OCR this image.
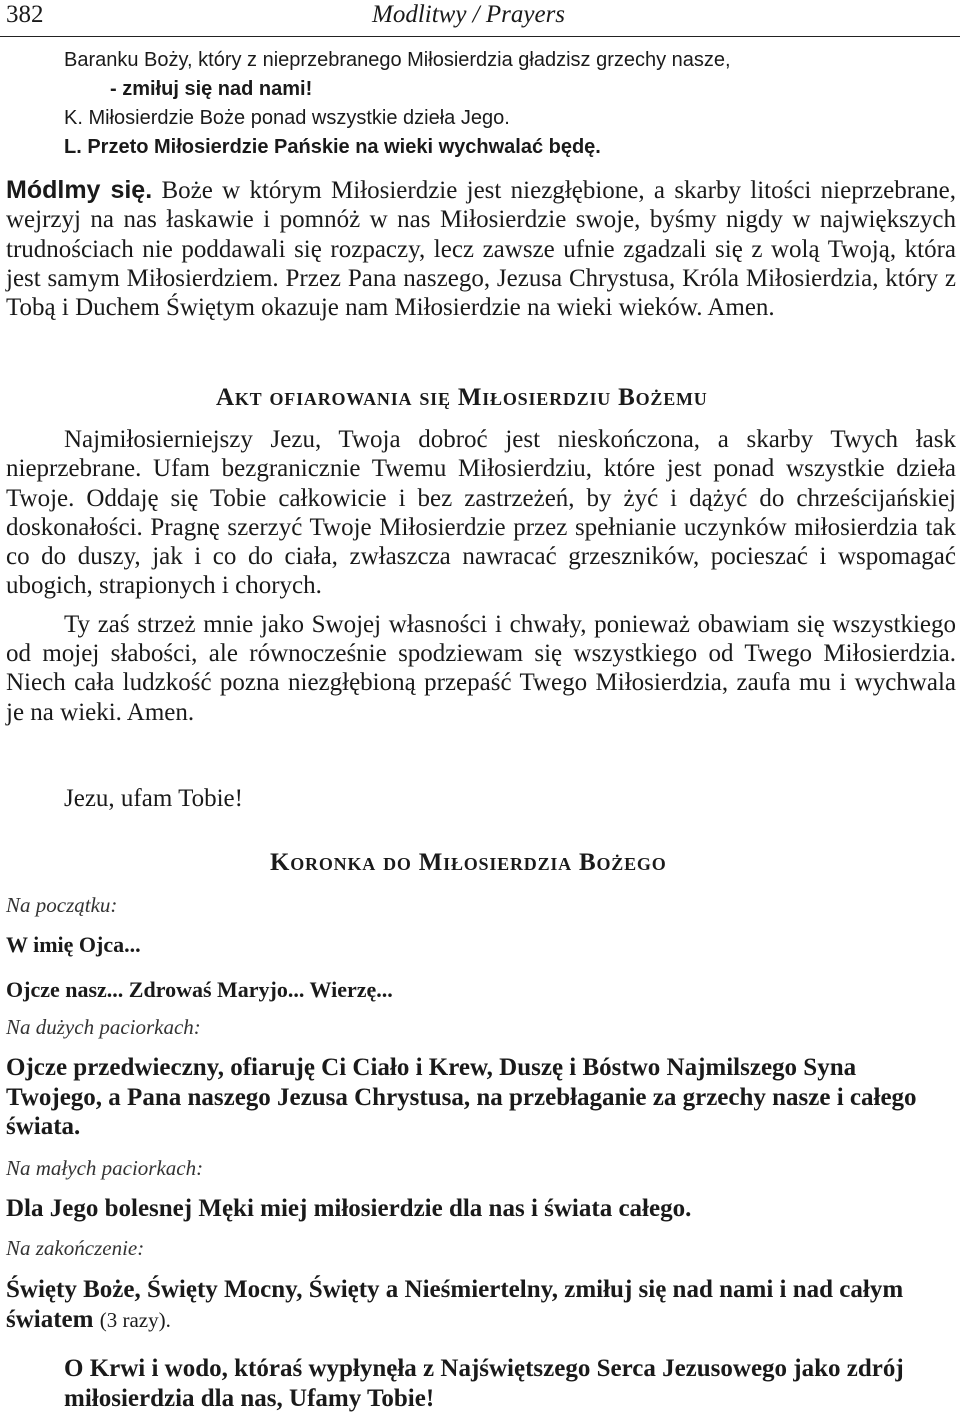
382	Modlitwy / Prayers

Baranku Boży, który z nieprzebranego Miłosierdzia gładzisz grzechy nasze,

- zmiłuj się nad nami!

K. Miłosierdzie Boże ponad wszystkie dzieła Jego.

L. Przeto Miłosierdzie Pańskie na wieki wychwalać będę.

Módlmy się. Boże w którym Miłosierdzie jest niezgłębione, a skarby litości nieprzebrane, wejrzyj na nas łaskawie i pomnóż w nas Miłosierdzie swoje, byśmy nigdy w największych trudnościach nie poddawali się rozpaczy, lecz zawsze ufnie zgadzali się z wolą Twoją, która jest samym Miłosierdziem. Przez Pana naszego, Jezusa Chrystusa, Króla Miłosierdzia, który z Tobą i Duchem Świętym okazuje nam Miłosierdzie na wieki wieków. Amen.
Akt ofiarowania się Miłosierdziu Bożemu

Najmiłosierniejszy Jezu, Twoja dobroć jest nieskończona, a skarby Twych łask nieprzebrane. Ufam bezgranicznie Twemu Miłosierdziu, które jest ponad wszystkie dzieła Twoje. Oddaję się Tobie całkowicie i bez zastrzeżeń, by żyć i dążyć do chrześcijańskiej doskonałości. Pragnę szerzyć Twoje Miłosierdzie przez spełnianie uczynków miłosierdzia tak co do duszy, jak i co do ciała, zwłaszcza nawracać grzeszników, pocieszać i wspomagać ubogich, strapionych i chorych.

Ty zaś strzeż mnie jako Swojej własności i chwały, ponieważ obawiam się wszystkiego od mojej słabości, ale równocześnie spodziewam się wszystkiego od Twego Miłosierdzia. Niech cała ludzkość pozna niezgłębioną przepaść Twego Miłosierdzia, zaufa mu i wychwala je na wieki. Amen.

Jezu, ufam Tobie!
Koronka do Miłosierdzia Bożego
Na początku:
W imię Ojca...
Ojcze nasz... Zdrowaś Maryjo... Wierzę...
Na dużych paciorkach:
Ojcze przedwieczny, ofiaruję Ci Ciało i Krew, Duszę i Bóstwo Najmilszego Syna Twojego, a Pana naszego Jezusa Chrystusa, na przebłaganie za grzechy nasze i całego świata.
Na małych paciorkach:
Dla Jego bolesnej Męki miej miłosierdzie dla nas i świata całego.
Na zakończenie:
Święty Boże, Święty Mocny, Święty a Nieśmiertelny, zmiłuj się nad nami i nad całym światem (3 razy).
O Krwi i wodo, któraś wypłynęła z Najświętszego Serca Jezusowego jako zdrój miłosierdzia dla nas, Ufamy Tobie!
